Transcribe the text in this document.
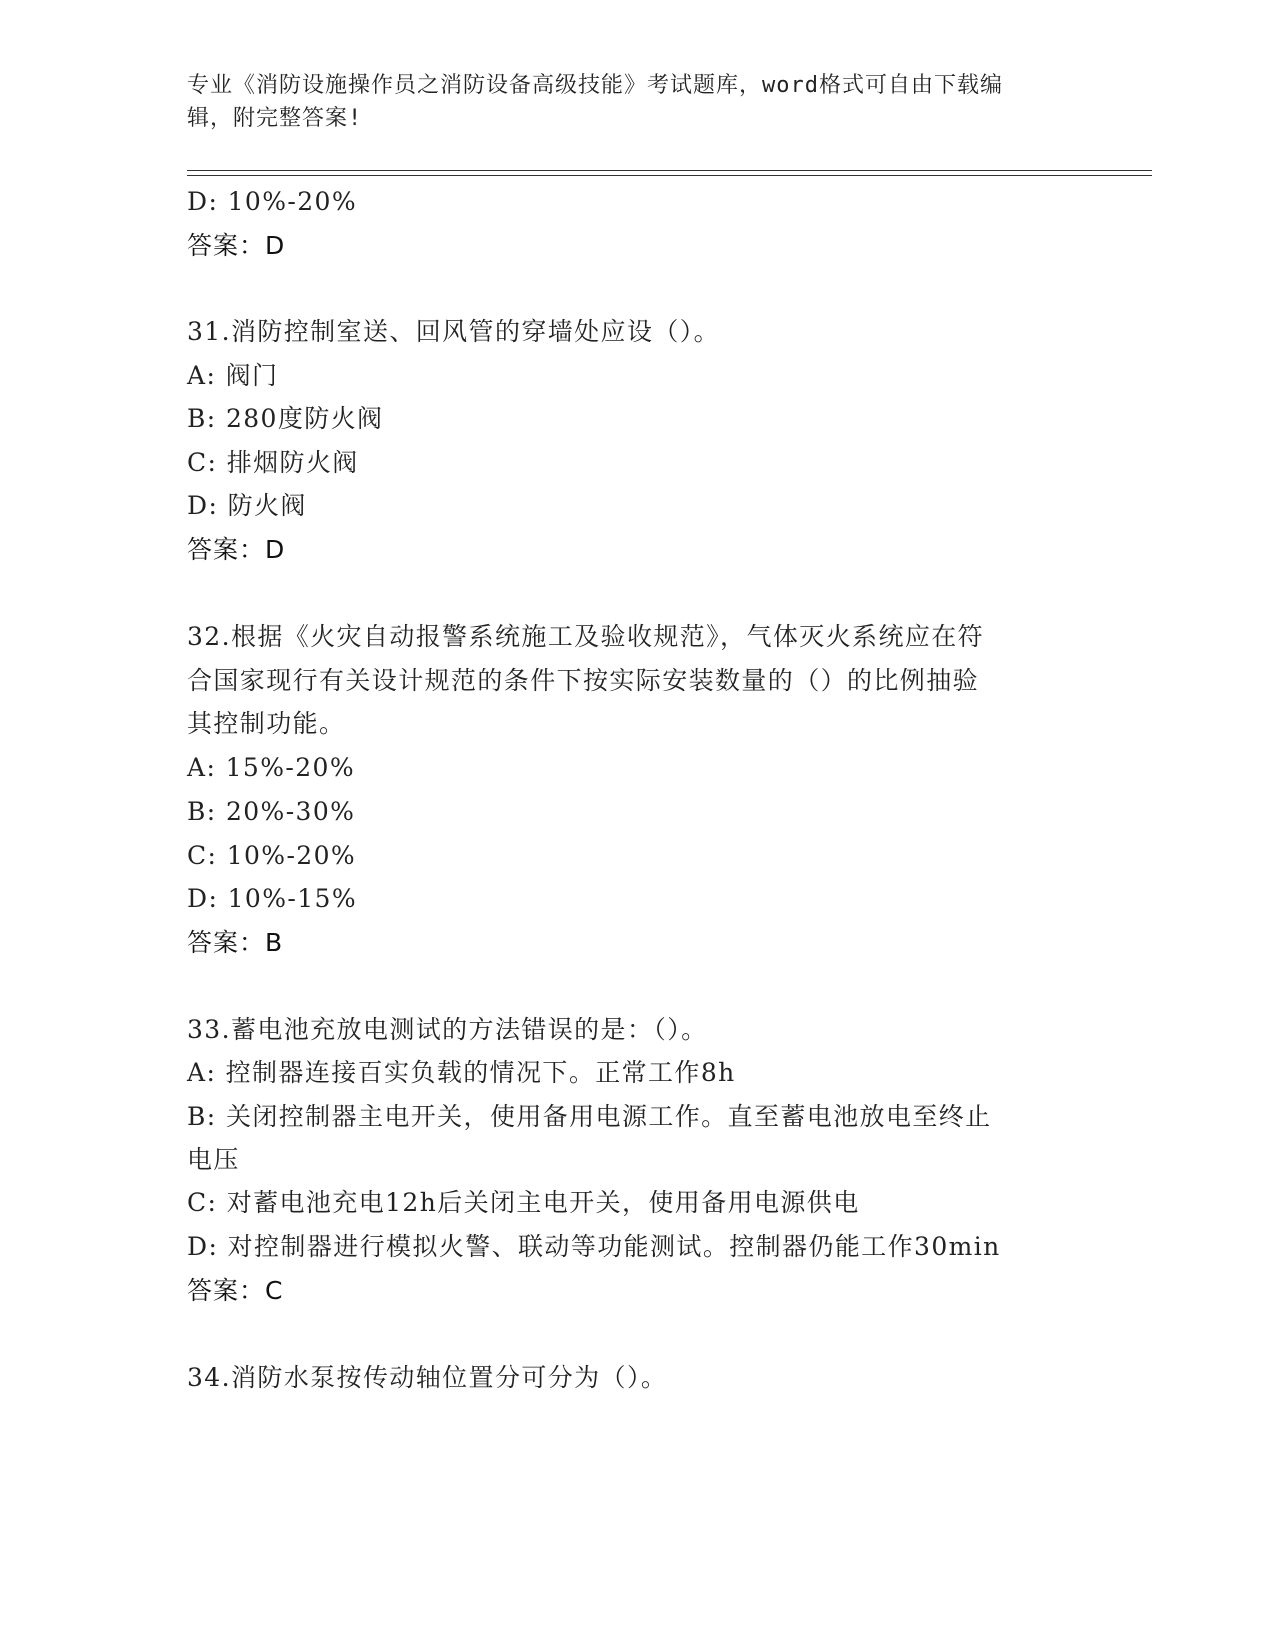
专业《消防设施操作员之消防设备高级技能》考试题库，word格式可自由下载编
辑，附完整答案!
D: 10%-20%
答案：D
31.消防控制室送、回风管的穿墙处应设（）。
A: 阀门
B: 280度防火阀
C: 排烟防火阀
D: 防火阀
答案：D
32.根据《火灾自动报警系统施工及验收规范》，气体灭火系统应在符
合国家现行有关设计规范的条件下按实际安装数量的（）的比例抽验
其控制功能。
A: 15%-20%
B: 20%-30%
C: 10%-20%
D: 10%-15%
答案：B
33.蓄电池充放电测试的方法错误的是：（）。
A: 控制器连接百实负载的情况下。正常工作8h
B: 关闭控制器主电开关，使用备用电源工作。直至蓄电池放电至终止
电压
C: 对蓄电池充电12h后关闭主电开关，使用备用电源供电
D: 对控制器进行模拟火警、联动等功能测试。控制器仍能工作30min
答案：C
34.消防水泵按传动轴位置分可分为（）。
